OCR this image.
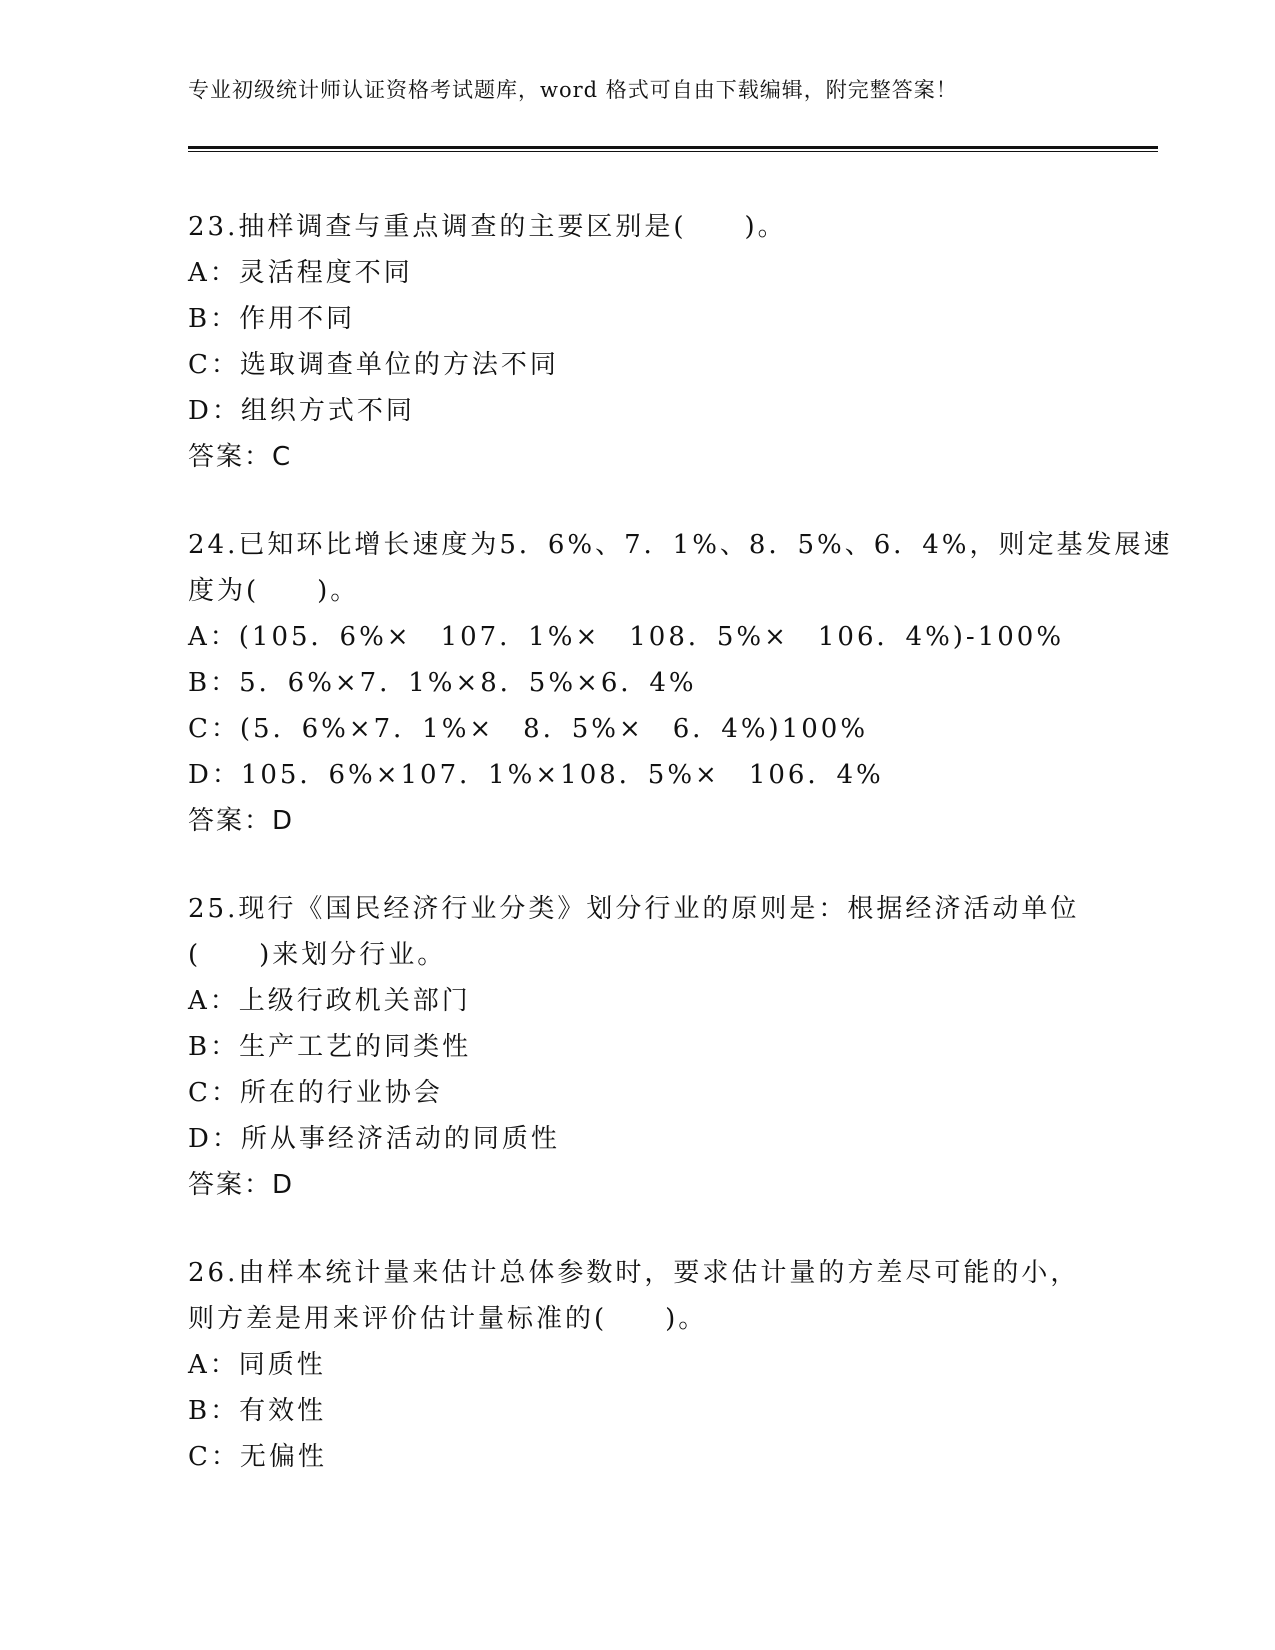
专业初级统计师认证资格考试题库，word 格式可自由下载编辑，附完整答案！
23.抽样调查与重点调查的主要区别是(　　)。
A：灵活程度不同
B：作用不同
C：选取调查单位的方法不同
D：组织方式不同
答案：C
24.已知环比增长速度为5．6%、7．1%、8．5%、6．4%，则定基发展速
度为(　　)。
A：(105．6%×　107．1%×　108．5%×　106．4%)-100%
B：5．6%×7．1%×8．5%×6．4%
C：(5．6%×7．1%×　8．5%×　6．4%)100%
D：105．6%×107．1%×108．5%×　106．4%
答案：D
25.现行《国民经济行业分类》划分行业的原则是：根据经济活动单位
(　　)来划分行业。
A：上级行政机关部门
B：生产工艺的同类性
C：所在的行业协会
D：所从事经济活动的同质性
答案：D
26.由样本统计量来估计总体参数时，要求估计量的方差尽可能的小，
则方差是用来评价估计量标准的(　　)。
A：同质性
B：有效性
C：无偏性
